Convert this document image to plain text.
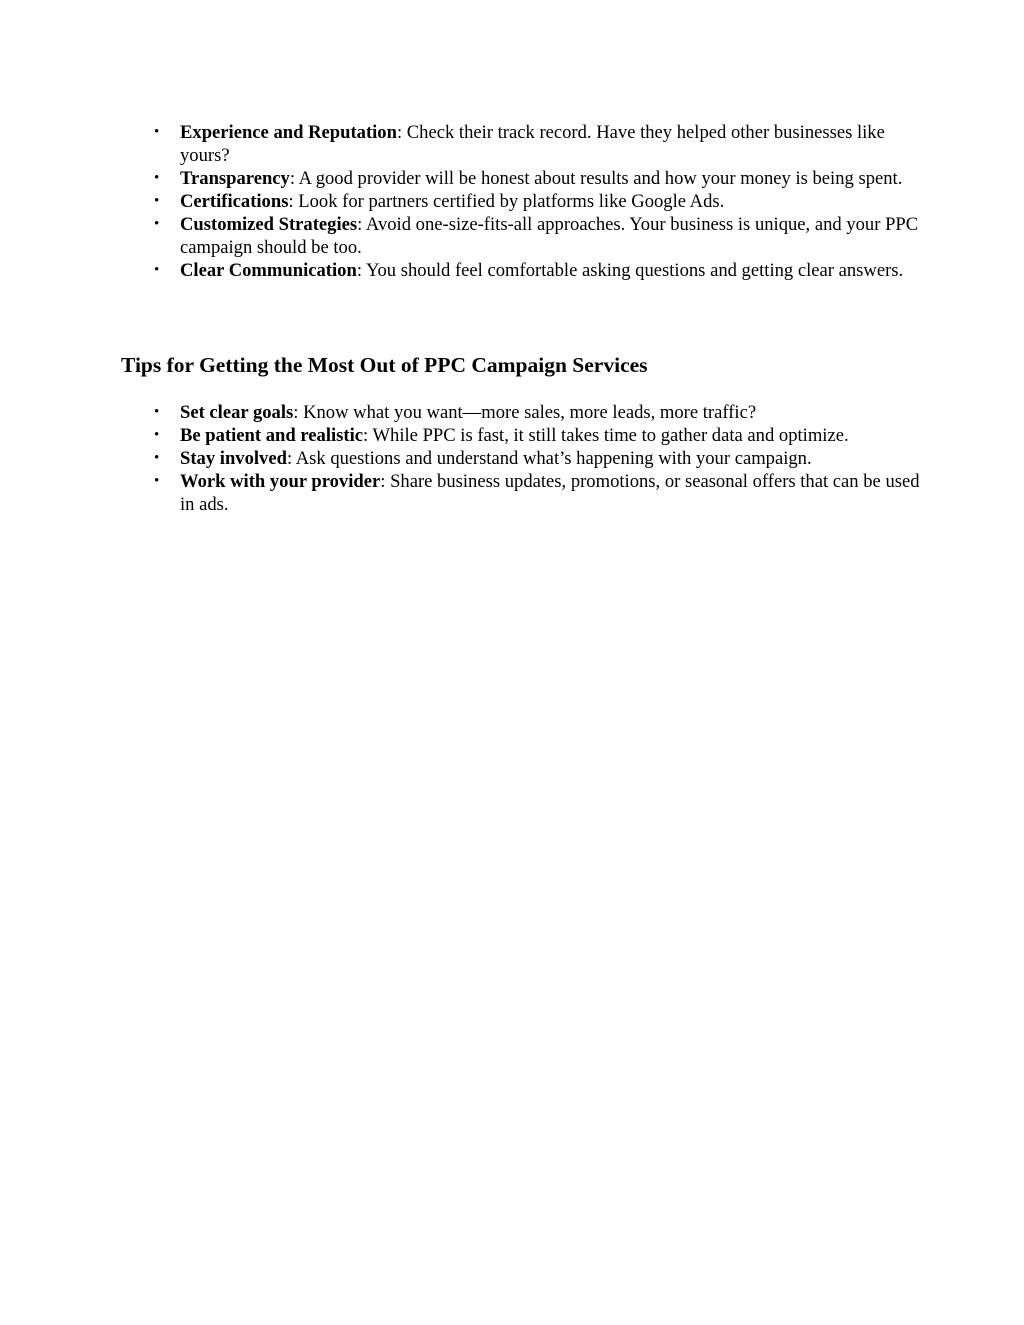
• Experience and Reputation: Check their track record. Have they helped other businesses like yours?
• Transparency: A good provider will be honest about results and how your money is being spent.
• Certifications: Look for partners certified by platforms like Google Ads.
• Customized Strategies: Avoid one-size-fits-all approaches. Your business is unique, and your PPC campaign should be too.
• Clear Communication: You should feel comfortable asking questions and getting clear answers.
Tips for Getting the Most Out of PPC Campaign Services
• Set clear goals: Know what you want—more sales, more leads, more traffic?
• Be patient and realistic: While PPC is fast, it still takes time to gather data and optimize.
• Stay involved: Ask questions and understand what’s happening with your campaign.
• Work with your provider: Share business updates, promotions, or seasonal offers that can be used in ads.
